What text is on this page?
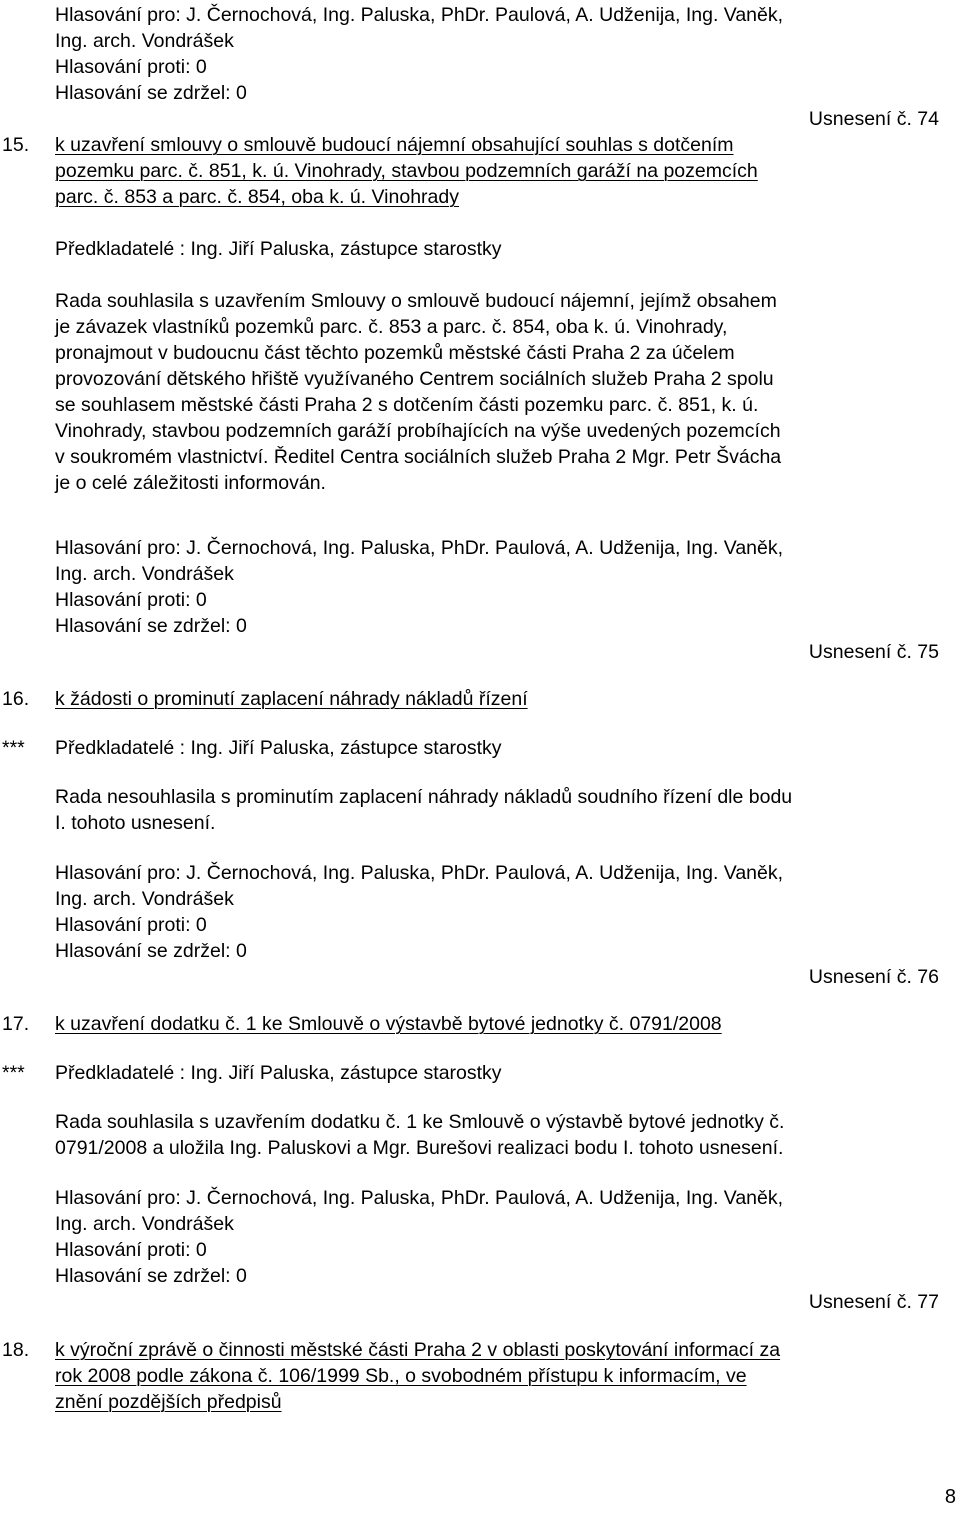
Hlasování pro: J. Černochová, Ing. Paluska, PhDr. Paulová, A. Udženija, Ing. Vaněk,
Ing. arch. Vondrášek
Hlasování proti: 0
Hlasování se zdržel: 0
Usnesení č. 74
15. k uzavření smlouvy o smlouvě budoucí nájemní obsahující souhlas s dotčením
pozemku parc. č. 851, k. ú. Vinohrady, stavbou podzemních garáží na pozemcích
parc. č. 853 a parc. č. 854, oba k. ú. Vinohrady
Předkladatelé : Ing. Jiří Paluska, zástupce starostky
Rada souhlasila s uzavřením Smlouvy o smlouvě budoucí nájemní, jejímž obsahem
je závazek vlastníků pozemků parc. č. 853 a parc. č. 854, oba k. ú. Vinohrady,
pronajmout v budoucnu část těchto pozemků městské části Praha 2 za účelem
provozování dětského hřiště využívaného Centrem sociálních služeb Praha 2 spolu
se souhlasem městské části Praha 2 s dotčením části pozemku parc. č. 851, k. ú.
Vinohrady, stavbou podzemních garáží probíhajících na výše uvedených pozemcích
v soukromém vlastnictví. Ředitel Centra sociálních služeb Praha 2 Mgr. Petr Švácha
je o celé záležitosti informován.
Hlasování pro: J. Černochová, Ing. Paluska, PhDr. Paulová, A. Udženija, Ing. Vaněk,
Ing. arch. Vondrášek
Hlasování proti: 0
Hlasování se zdržel: 0
Usnesení č. 75
16. k žádosti o prominutí zaplacení náhrady nákladů řízení
*** Předkladatelé : Ing. Jiří Paluska, zástupce starostky
Rada nesouhlasila s prominutím zaplacení náhrady nákladů soudního řízení dle bodu
I. tohoto usnesení.
Hlasování pro: J. Černochová, Ing. Paluska, PhDr. Paulová, A. Udženija, Ing. Vaněk,
Ing. arch. Vondrášek
Hlasování proti: 0
Hlasování se zdržel: 0
Usnesení č. 76
17. k uzavření dodatku č. 1 ke Smlouvě o výstavbě bytové jednotky č. 0791/2008
*** Předkladatelé : Ing. Jiří Paluska, zástupce starostky
Rada souhlasila s uzavřením dodatku č. 1 ke Smlouvě o výstavbě bytové jednotky č.
0791/2008 a uložila Ing. Paluskovi a Mgr. Burešovi realizaci bodu I. tohoto usnesení.
Hlasování pro: J. Černochová, Ing. Paluska, PhDr. Paulová, A. Udženija, Ing. Vaněk,
Ing. arch. Vondrášek
Hlasování proti: 0
Hlasování se zdržel: 0
Usnesení č. 77
18. k výroční zprávě o činnosti městské části Praha 2 v oblasti poskytování informací za
rok 2008 podle zákona č. 106/1999 Sb., o svobodném přístupu k informacím, ve
znění pozdějších předpisů
8
